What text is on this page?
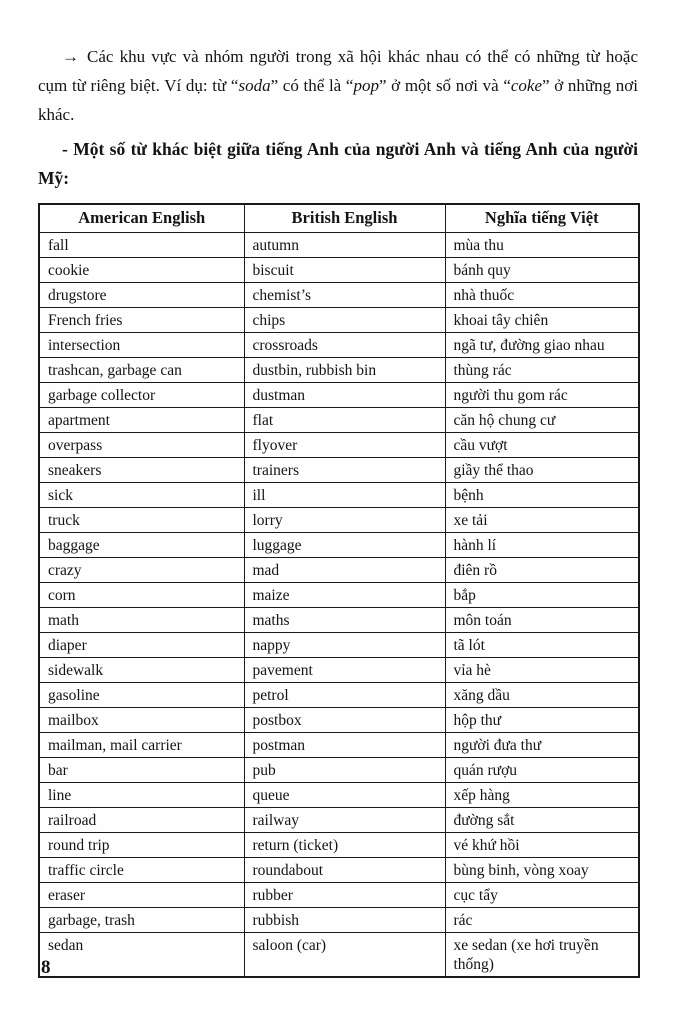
→ Các khu vực và nhóm người trong xã hội khác nhau có thể có những từ hoặc cụm từ riêng biệt. Ví dụ: từ “soda” có thể là “pop” ở một số nơi và “coke” ở những nơi khác.

- Một số từ khác biệt giữa tiếng Anh của người Anh và tiếng Anh của người Mỹ:

American English	British English	Nghĩa tiếng Việt
fall	autumn	mùa thu
cookie	biscuit	bánh quy
drugstore	chemist’s	nhà thuốc
French fries	chips	khoai tây chiên
intersection	crossroads	ngã tư, đường giao nhau
trashcan, garbage can	dustbin, rubbish bin	thùng rác
garbage collector	dustman	người thu gom rác
apartment	flat	căn hộ chung cư
overpass	flyover	cầu vượt
sneakers	trainers	giầy thể thao
sick	ill	bệnh
truck	lorry	xe tải
baggage	luggage	hành lí
crazy	mad	điên rồ
corn	maize	bắp
math	maths	môn toán
diaper	nappy	tã lót
sidewalk	pavement	vỉa hè
gasoline	petrol	xăng dầu
mailbox	postbox	hộp thư
mailman, mail carrier	postman	người đưa thư
bar	pub	quán rượu
line	queue	xếp hàng
railroad	railway	đường sắt
round trip	return (ticket)	vé khứ hồi
traffic circle	roundabout	bùng binh, vòng xoay
eraser	rubber	cục tẩy
garbage, trash	rubbish	rác
sedan	saloon (car)	xe sedan (xe hơi truyền thống)
8
